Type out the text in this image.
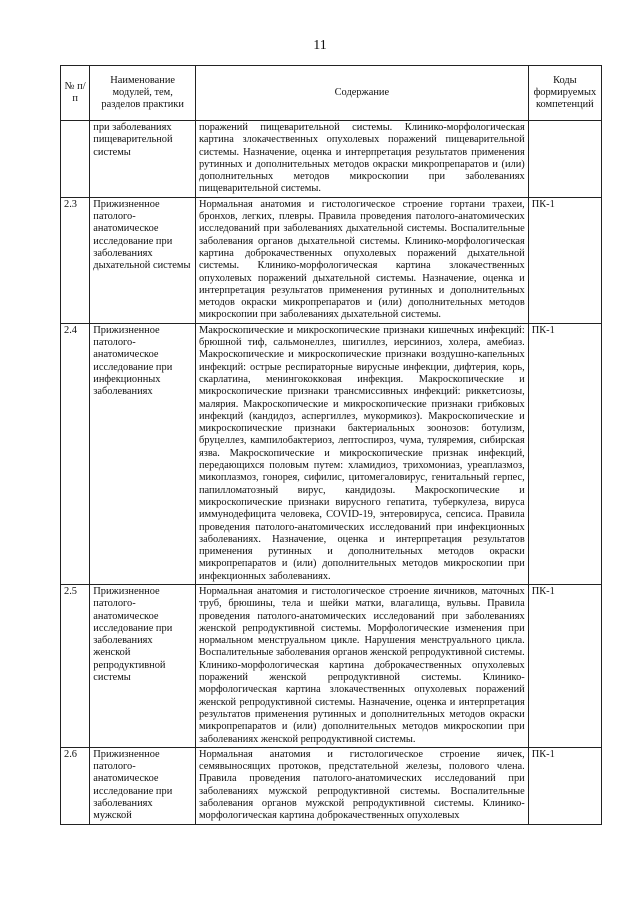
11
№ п/п	Наименование модулей, тем, разделов практики	Содержание	Коды формируемых компетенций
	при заболеваниях пищеварительной системы	поражений пищеварительной системы. Клинико-морфологическая картина злокачественных опухолевых поражений пищеварительной системы. Назначение, оценка и интерпретация результатов применения рутинных и дополнительных методов окраски микропрепаратов и (или) дополнительных методов микроскопии при заболеваниях пищеварительной системы.	
2.3	Прижизненное патолого-анатомическое исследование при заболеваниях дыхательной системы	Нормальная анатомия и гистологическое строение гортани трахеи, бронхов, легких, плевры. Правила проведения патолого-анатомических исследований при заболеваниях дыхательной системы. Воспалительные заболевания органов дыхательной системы. Клинико-морфологическая картина доброкачественных опухолевых поражений дыхательной системы. Клинико-морфологическая картина злокачественных опухолевых поражений дыхательной системы. Назначение, оценка и интерпретация результатов применения рутинных и дополнительных методов окраски микропрепаратов и (или) дополнительных методов микроскопии при заболеваниях дыхательной системы.	ПК-1
2.4	Прижизненное патолого-анатомическое исследование при инфекционных заболеваниях	Макроскопические и микроскопические признаки кишечных инфекций: брюшной тиф, сальмонеллез, шигиллез, иерсиниоз, холера, амебиаз. Макроскопические и микроскопические признаки воздушно-капельных инфекций: острые респираторные вирусные инфекции, дифтерия, корь, скарлатина, менингококковая инфекция. Макроскопические и микроскопические признаки трансмиссивных инфекций: риккетсиозы, малярия. Макроскопические и микроскопические признаки грибковых инфекций (кандидоз, аспергиллез, мукормикоз). Макроскопические и микроскопические признаки бактериальных зоонозов: ботулизм, бруцеллез, кампилобактериоз, лептоспироз, чума, туляремия, сибирская язва. Макроскопические и микроскопические признак инфекций, передающихся половым путем: хламидиоз, трихомониаз, уреаплазмоз, микоплазмоз, гонорея, сифилис, цитомегаловирус, генитальный герпес, папилломатозный вирус, кандидозы. Макроскопические и микроскопические признаки вирусного гепатита, туберкулеза, вируса иммунодефицита человека, COVID-19, энтеровируса, сепсиса. Правила проведения патолого-анатомических исследований при инфекционных заболеваниях. Назначение, оценка и интерпретация результатов применения рутинных и дополнительных методов окраски микропрепаратов и (или) дополнительных методов микроскопии при инфекционных заболеваниях.	ПК-1
2.5	Прижизненное патолого-анатомическое исследование при заболеваниях женской репродуктивной системы	Нормальная анатомия и гистологическое строение яичников, маточных труб, брюшины, тела и шейки матки, влагалища, вульвы. Правила проведения патолого-анатомических исследований при заболеваниях женской репродуктивной системы. Морфологические изменения при нормальном менструальном цикле. Нарушения менструального цикла. Воспалительные заболевания органов женской репродуктивной системы. Клинико-морфологическая картина доброкачественных опухолевых поражений женской репродуктивной системы. Клинико-морфологическая картина злокачественных опухолевых поражений женской репродуктивной системы. Назначение, оценка и интерпретация результатов применения рутинных и дополнительных методов окраски микропрепаратов и (или) дополнительных методов микроскопии при заболеваниях женской репродуктивной системы.	ПК-1
2.6	Прижизненное патолого-анатомическое исследование при заболеваниях мужской	Нормальная анатомия и гистологическое строение яичек, семявыносящих протоков, предстательной железы, полового члена. Правила проведения патолого-анатомических исследований при заболеваниях мужской репродуктивной системы. Воспалительные заболевания органов мужской репродуктивной системы. Клинико-морфологическая картина доброкачественных опухолевых	ПК-1
